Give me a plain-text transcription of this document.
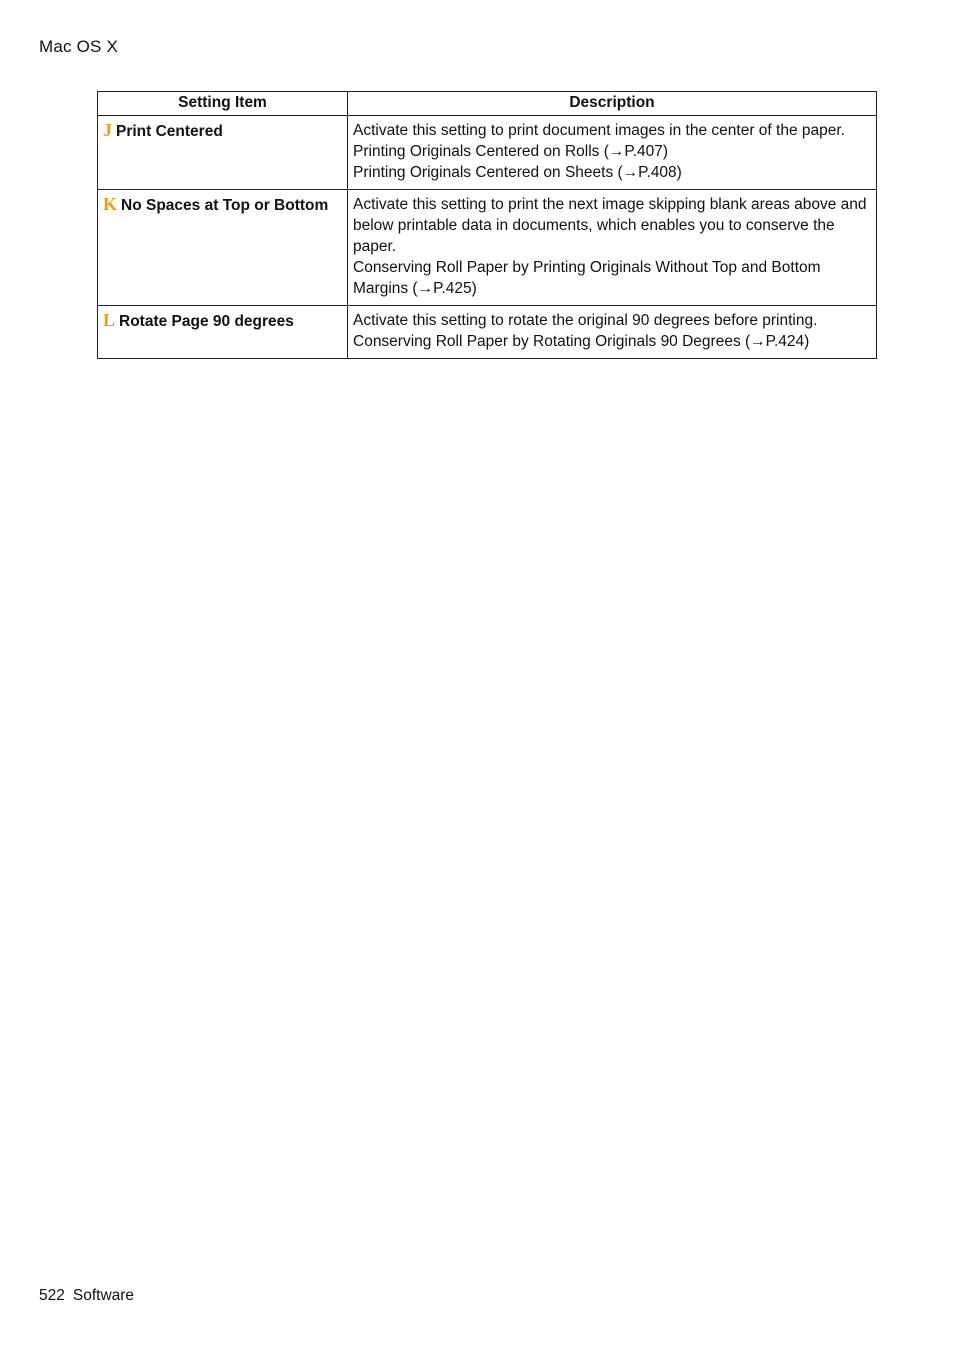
Mac OS X
Setting Item	Description
J Print Centered	Activate this setting to print document images in the center of the paper.
Printing Originals Centered on Rolls (→P.407)
Printing Originals Centered on Sheets (→P.408)

K No Spaces at Top or Bottom	Activate this setting to print the next image skipping blank areas above and below printable data in documents, which enables you to conserve the paper.
Conserving Roll Paper by Printing Originals Without Top and Bottom Margins (→P.425)

L Rotate Page 90 degrees	Activate this setting to rotate the original 90 degrees before printing.
Conserving Roll Paper by Rotating Originals 90 Degrees (→P.424)
522 Software
